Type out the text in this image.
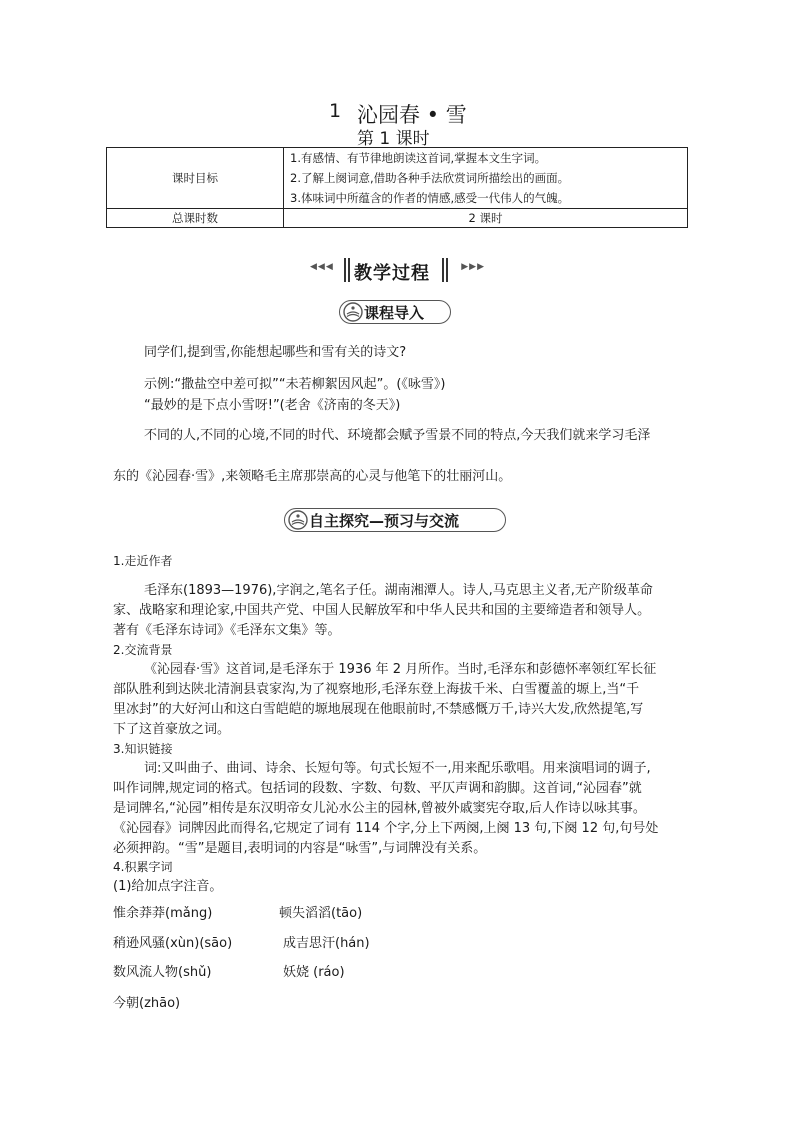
1 沁园春 • 雪
第 1 课时
课时目标	1.有感情、有节律地朗读这首词,掌握本文生字词。
2.了解上阕词意,借助各种手法欣赏词所描绘出的画面。
3.体味词中所蕴含的作者的情感,感受一代伟人的气魄。

总课时数	2 课时
◀◀◀ 教学过程	▶▶▶
课程导入
同学们,提到雪,你能想起哪些和雪有关的诗文?
示例:“撒盐空中差可拟”“未若柳絮因风起”。(《咏雪》)
“最妙的是下点小雪呀!”(老舍《济南的冬天》)
不同的人,不同的心境,不同的时代、环境都会赋予雪景不同的特点,今天我们就来学习毛泽
东的《沁园春·雪》,来领略毛主席那崇高的心灵与他笔下的壮丽河山。
自主探究—预习与交流
1.走近作者
毛泽东(1893—1976),字润之,笔名子任。湖南湘潭人。诗人,马克思主义者,无产阶级革命
家、战略家和理论家,中国共产党、中国人民解放军和中华人民共和国的主要缔造者和领导人。
著有《毛泽东诗词》《毛泽东文集》等。
2.交流背景
《沁园春·雪》这首词,是毛泽东于 1936 年 2 月所作。当时,毛泽东和彭德怀率领红军长征
部队胜利到达陕北清涧县袁家沟,为了视察地形,毛泽东登上海拔千米、白雪覆盖的塬上,当“千
里冰封”的大好河山和这白雪皑皑的塬地展现在他眼前时,不禁感慨万千,诗兴大发,欣然提笔,写
下了这首豪放之词。
3.知识链接
词:又叫曲子、曲词、诗余、长短句等。句式长短不一,用来配乐歌唱。用来演唱词的调子,
叫作词牌,规定词的格式。包括词的段数、字数、句数、平仄声调和韵脚。这首词,“沁园春”就
是词牌名,“沁园”相传是东汉明帝女儿沁水公主的园林,曾被外戚窦宪夺取,后人作诗以咏其事。
《沁园春》词牌因此而得名,它规定了词有 114 个字,分上下两阕,上阕 13 句,下阕 12 句,句号处
必须押韵。“雪”是题目,表明词的内容是“咏雪”,与词牌没有关系。
4.积累字词
(1)给加点字注音。
惟余莽莽(mǎng)	顿失滔滔(tāo)
稍逊风骚(xùn)(sāo)	成吉思汗(hán)
数风流人物(shǔ)	妖娆 (ráo)
今朝(zhāo)
